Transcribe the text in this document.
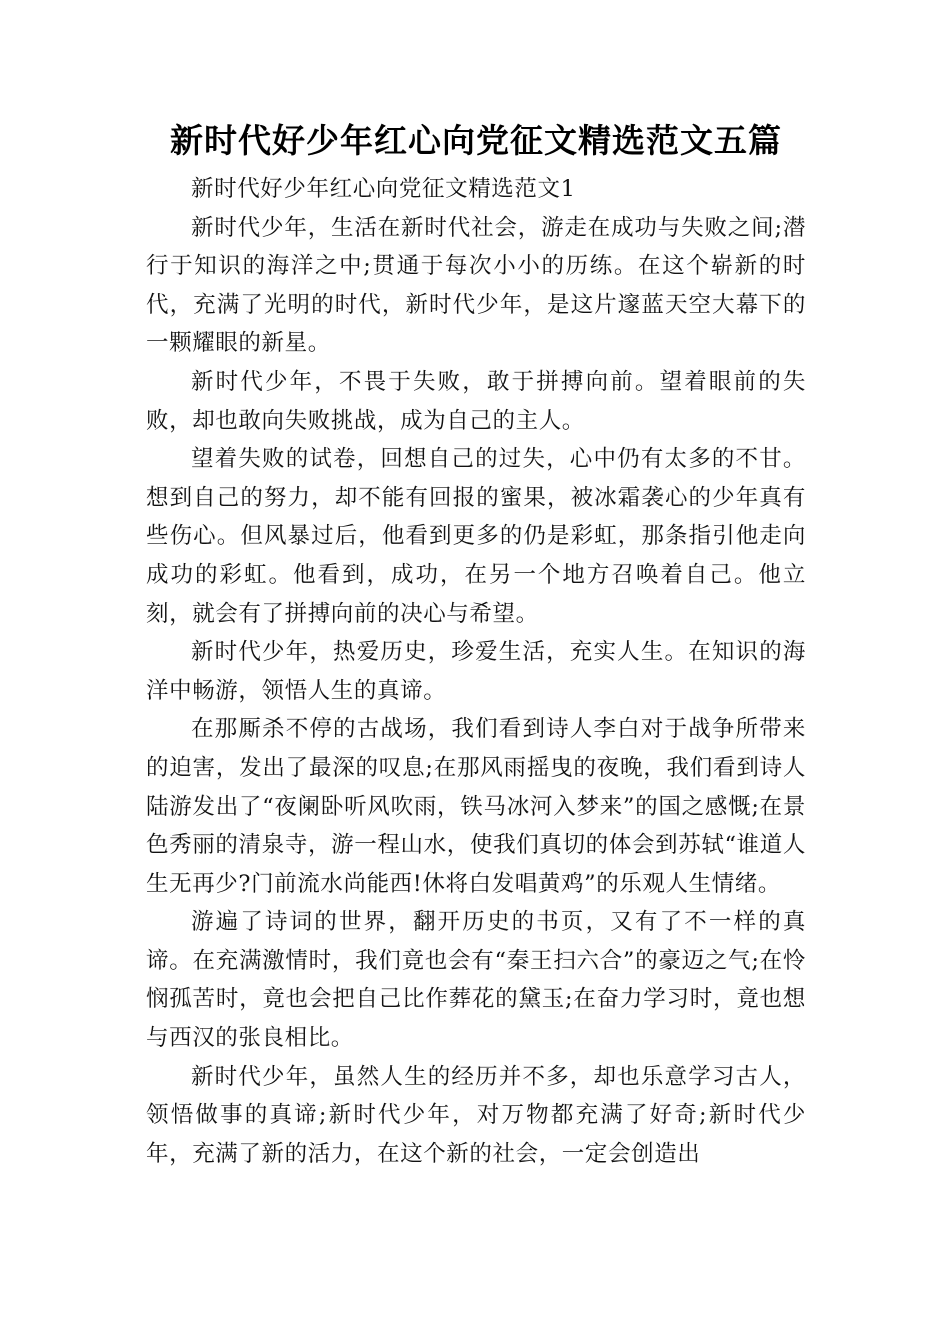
新时代好少年红心向党征文精选范文五篇

新时代好少年红心向党征文精选范文1

新时代少年，生活在新时代社会，游走在成功与失败之间;潜行于知识的海洋之中;贯通于每次小小的历练。在这个崭新的时代，充满了光明的时代，新时代少年，是这片邃蓝天空大幕下的一颗耀眼的新星。

新时代少年，不畏于失败，敢于拼搏向前。望着眼前的失败，却也敢向失败挑战，成为自己的主人。

望着失败的试卷，回想自己的过失，心中仍有太多的不甘。想到自己的努力，却不能有回报的蜜果，被冰霜袭心的少年真有些伤心。但风暴过后，他看到更多的仍是彩虹，那条指引他走向成功的彩虹。他看到，成功，在另一个地方召唤着自己。他立刻，就会有了拼搏向前的决心与希望。

新时代少年，热爱历史，珍爱生活，充实人生。在知识的海洋中畅游，领悟人生的真谛。

在那厮杀不停的古战场，我们看到诗人李白对于战争所带来的迫害，发出了最深的叹息;在那风雨摇曳的夜晚，我们看到诗人陆游发出了“夜阑卧听风吹雨，铁马冰河入梦来”的国之感慨;在景色秀丽的清泉寺，游一程山水，使我们真切的体会到苏轼“谁道人生无再少?门前流水尚能西!休将白发唱黄鸡”的乐观人生情绪。

游遍了诗词的世界，翻开历史的书页，又有了不一样的真谛。在充满激情时，我们竟也会有“秦王扫六合”的豪迈之气;在怜悯孤苦时，竟也会把自己比作葬花的黛玉;在奋力学习时，竟也想与西汉的张良相比。

新时代少年，虽然人生的经历并不多，却也乐意学习古人，领悟做事的真谛;新时代少年，对万物都充满了好奇;新时代少年，充满了新的活力，在这个新的社会，一定会创造出
